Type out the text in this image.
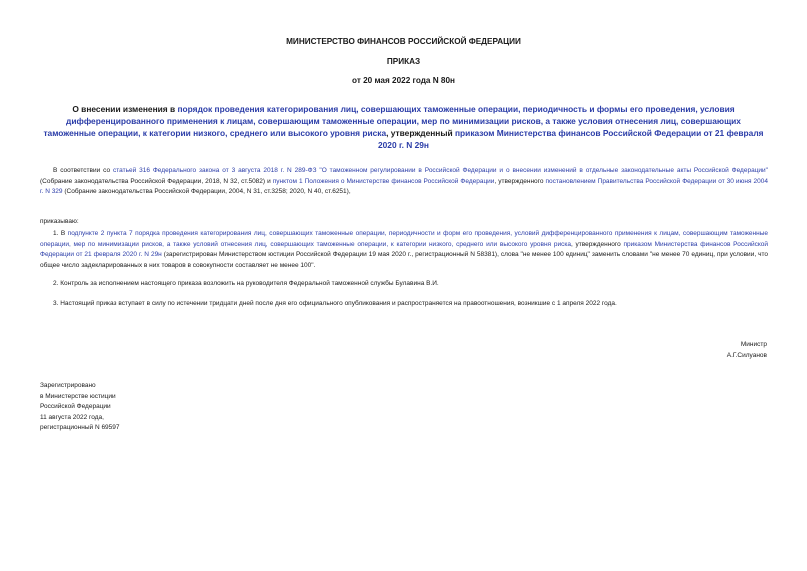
МИНИСТЕРСТВО ФИНАНСОВ РОССИЙСКОЙ ФЕДЕРАЦИИ
ПРИКАЗ
от 20 мая 2022 года N 80н
О внесении изменения в порядок проведения категорирования лиц, совершающих таможенные операции, периодичность и формы его проведения, условия дифференцированного применения к лицам, совершающим таможенные операции, мер по минимизации рисков, а также условия отнесения лиц, совершающих таможенные операции, к категории низкого, среднего или высокого уровня риска, утвержденный приказом Министерства финансов Российской Федерации от 21 февраля 2020 г. N 29н
В соответствии со статьей 316 Федерального закона от 3 августа 2018 г. N 289-ФЗ "О таможенном регулировании в Российской Федерации и о внесении изменений в отдельные законодательные акты Российской Федерации" (Собрание законодательства Российской Федерации, 2018, N 32, ст.5082) и пунктом 1 Положения о Министерстве финансов Российской Федерации, утвержденного постановлением Правительства Российской Федерации от 30 июня 2004 г. N 329 (Собрание законодательства Российской Федерации, 2004, N 31, ст.3258; 2020, N 40, ст.6251),
приказываю:
1. В подпункте 2 пункта 7 порядка проведения категорирования лиц, совершающих таможенные операции, периодичности и форм его проведения, условий дифференцированного применения к лицам, совершающим таможенные операции, мер по минимизации рисков, а также условий отнесения лиц, совершающих таможенные операции, к категории низкого, среднего или высокого уровня риска, утвержденного приказом Министерства финансов Российской Федерации от 21 февраля 2020 г. N 29н (зарегистрирован Министерством юстиции Российской Федерации 19 мая 2020 г., регистрационный N 58381), слова "не менее 100 единиц" заменить словами "не менее 70 единиц, при условии, что общее число задекларированных в них товаров в совокупности составляет не менее 100".
2. Контроль за исполнением настоящего приказа возложить на руководителя Федеральной таможенной службы Булавина В.И.
3. Настоящий приказ вступает в силу по истечении тридцати дней после дня его официального опубликования и распространяется на правоотношения, возникшие с 1 апреля 2022 года.
Министр
А.Г.Силуанов
Зарегистрировано
в Министерстве юстиции
Российской Федерации
11 августа 2022 года,
регистрационный N 69597
